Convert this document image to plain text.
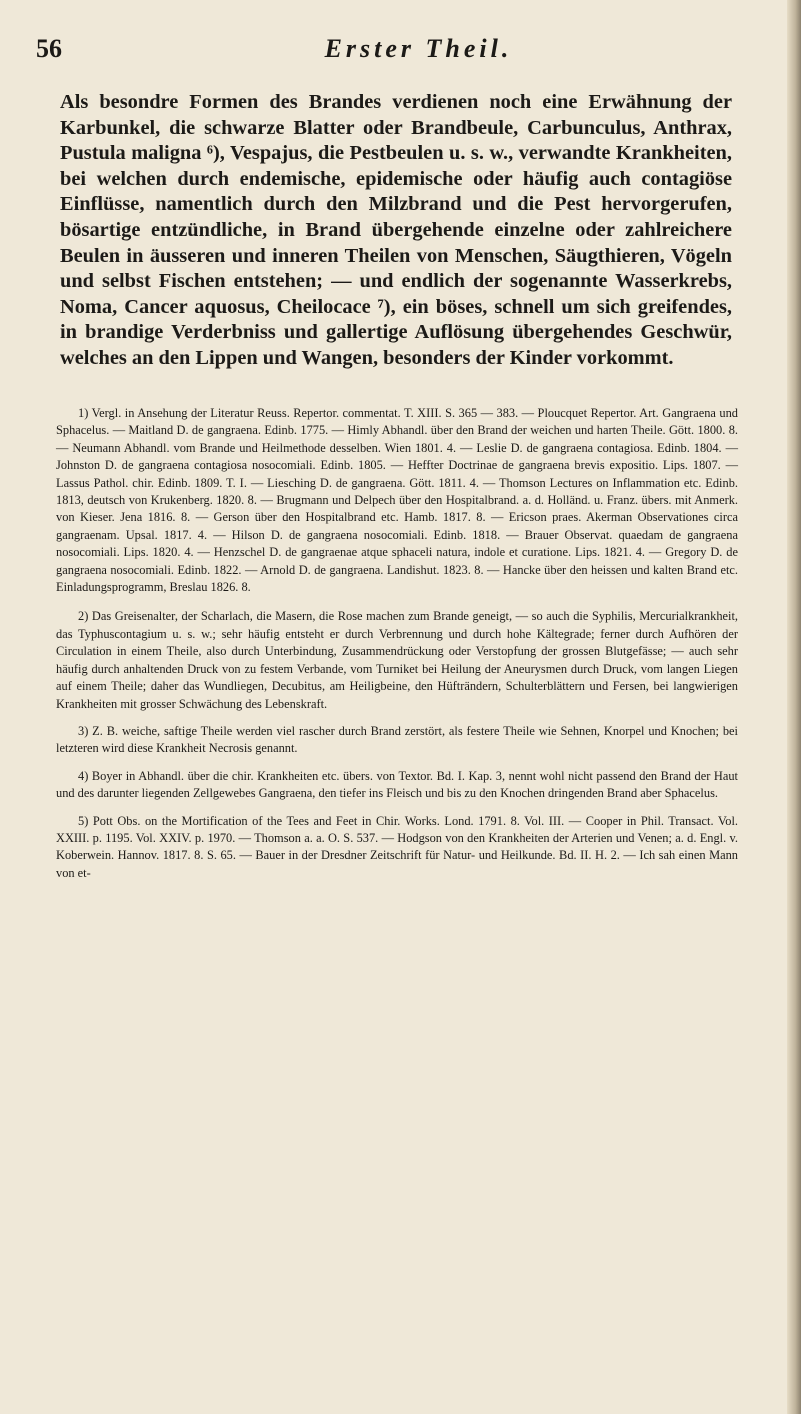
56	Erster Theil.

Als besondre Formen des Brandes verdienen noch eine Erwähnung der Karbunkel, die schwarze Blatter oder Brandbeule, Carbunculus, Anthrax, Pustula maligna ⁶), Vespajus, die Pestbeulen u. s. w., verwandte Krankheiten, bei welchen durch endemische, epidemische oder häufig auch contagiöse Einflüsse, namentlich durch den Milzbrand und die Pest hervorgerufen, bösartige entzündliche, in Brand übergehende einzelne oder zahlreichere Beulen in äusseren und inneren Theilen von Menschen, Säugthieren, Vögeln und selbst Fischen entstehen; — und endlich der sogenannte Wasserkrebs, Noma, Cancer aquosus, Cheilocace ⁷), ein böses, schnell um sich greifendes, in brandige Verderbniss und gallertige Auflösung übergehendes Geschwür, welches an den Lippen und Wangen, besonders der Kinder vorkommt.

1) Vergl. in Ansehung der Literatur Reuss. Repertor. commentat. T. XIII. S. 365 — 383. — Ploucquet Repertor. Art. Gangraena und Sphacelus. — Maitland D. de gangraena. Edinb. 1775. — Himly Abhandl. über den Brand der weichen und harten Theile. Gött. 1800. 8. — Neumann Abhandl. vom Brande und Heilmethode desselben. Wien 1801. 4. — Leslie D. de gangraena contagiosa. Edinb. 1804. — Johnston D. de gangraena contagiosa nosocomiali. Edinb. 1805. — Heffter Doctrinae de gangraena brevis expositio. Lips. 1807. — Lassus Pathol. chir. Edinb. 1809. T. I. — Liesching D. de gangraena. Gött. 1811. 4. — Thomson Lectures on Inflammation etc. Edinb. 1813, deutsch von Krukenberg. 1820. 8. — Brugmann und Delpech über den Hospitalbrand. a. d. Holländ. u. Franz. übers. mit Anmerk. von Kieser. Jena 1816. 8. — Gerson über den Hospitalbrand etc. Hamb. 1817. 8. — Ericson praes. Akerman Observationes circa gangraenam. Upsal. 1817. 4. — Hilson D. de gangraena nosocomiali. Edinb. 1818. — Brauer Observat. quaedam de gangraena nosocomiali. Lips. 1820. 4. — Henzschel D. de gangraenae atque sphaceli natura, indole et curatione. Lips. 1821. 4. — Gregory D. de gangraena nosocomiali. Edinb. 1822. — Arnold D. de gangraena. Landishut. 1823. 8. — Hancke über den heissen und kalten Brand etc. Einladungsprogramm, Breslau 1826. 8.

2) Das Greisenalter, der Scharlach, die Masern, die Rose machen zum Brande geneigt, — so auch die Syphilis, Mercurialkrankheit, das Typhuscontagium u. s. w.; sehr häufig entsteht er durch Verbrennung und durch hohe Kältegrade; ferner durch Aufhören der Circulation in einem Theile, also durch Unterbindung, Zusammendrückung oder Verstopfung der grossen Blutgefässe; — auch sehr häufig durch anhaltenden Druck von zu festem Verbande, vom Turniket bei Heilung der Aneurysmen durch Druck, vom langen Liegen auf einem Theile; daher das Wundliegen, Decubitus, am Heiligbeine, den Hüfträndern, Schulterblättern und Fersen, bei langwierigen Krankheiten mit grosser Schwächung des Lebenskraft.

3) Z. B. weiche, saftige Theile werden viel rascher durch Brand zerstört, als festere Theile wie Sehnen, Knorpel und Knochen; bei letzteren wird diese Krankheit Necrosis genannt.

4) Boyer in Abhandl. über die chir. Krankheiten etc. übers. von Textor. Bd. I. Kap. 3, nennt wohl nicht passend den Brand der Haut und des darunter liegenden Zellgewebes Gangraena, den tiefer ins Fleisch und bis zu den Knochen dringenden Brand aber Sphacelus.

5) Pott Obs. on the Mortification of the Tees and Feet in Chir. Works. Lond. 1791. 8. Vol. III. — Cooper in Phil. Transact. Vol. XXIII. p. 1195. Vol. XXIV. p. 1970. — Thomson a. a. O. S. 537. — Hodgson von den Krankheiten der Arterien und Venen; a. d. Engl. v. Koberwein. Hannov. 1817. 8. S. 65. — Bauer in der Dresdner Zeitschrift für Natur- und Heilkunde. Bd. II. H. 2. — Ich sah einen Mann von et-
